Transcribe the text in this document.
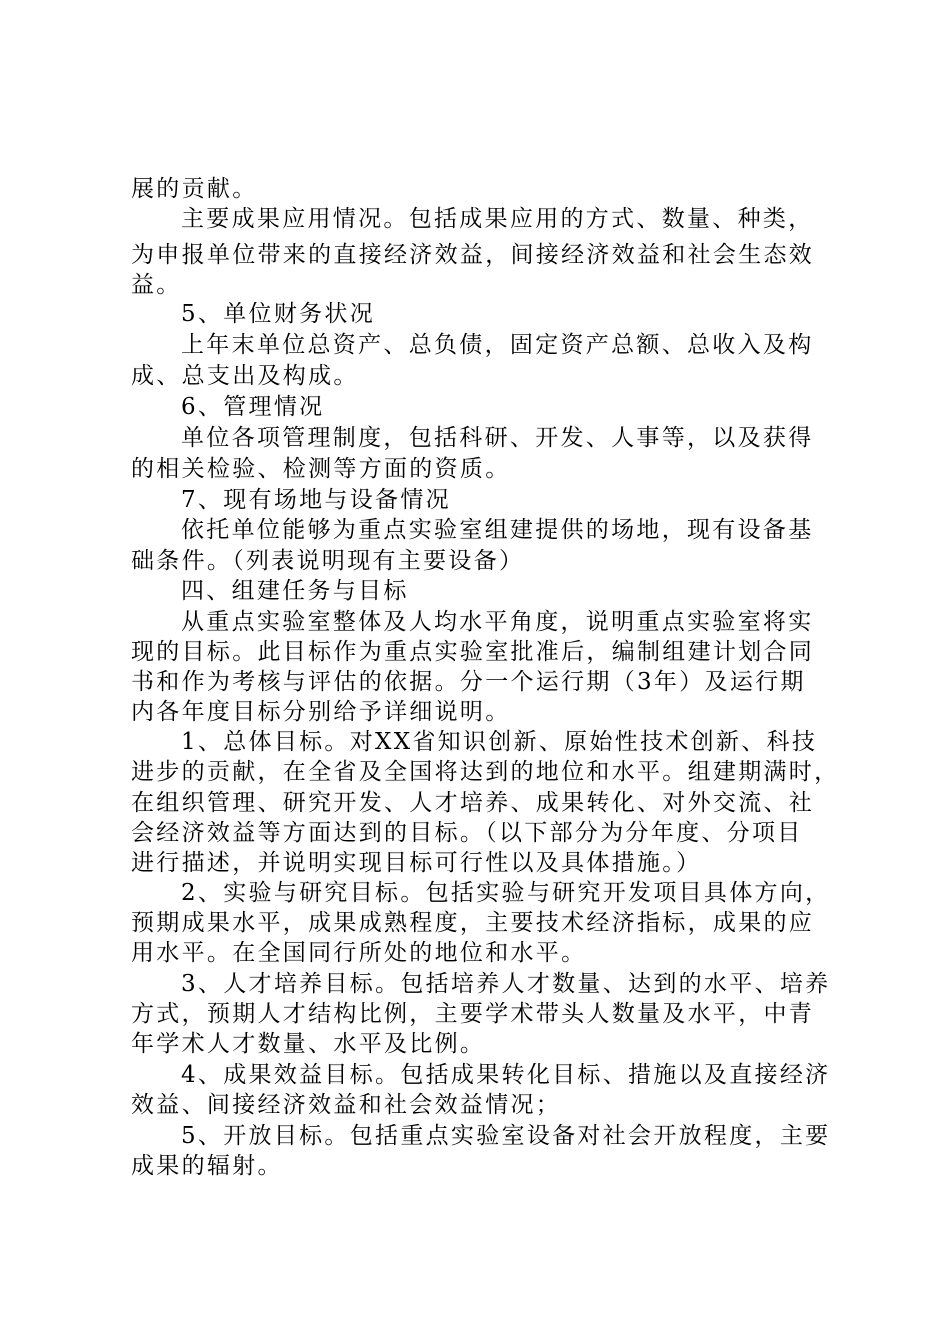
展的贡献。
主要成果应用情况。包括成果应用的方式、数量、种类，
为申报单位带来的直接经济效益，间接经济效益和社会生态效
益。
5、单位财务状况
上年末单位总资产、总负债，固定资产总额、总收入及构
成、总支出及构成。
6、管理情况
单位各项管理制度，包括科研、开发、人事等，以及获得
的相关检验、检测等方面的资质。
7、现有场地与设备情况
依托单位能够为重点实验室组建提供的场地，现有设备基
础条件。（列表说明现有主要设备）
四、组建任务与目标
从重点实验室整体及人均水平角度，说明重点实验室将实
现的目标。此目标作为重点实验室批准后，编制组建计划合同
书和作为考核与评估的依据。分一个运行期（3年）及运行期
内各年度目标分别给予详细说明。
1、总体目标。对XX省知识创新、原始性技术创新、科技
进步的贡献，在全省及全国将达到的地位和水平。组建期满时，
在组织管理、研究开发、人才培养、成果转化、对外交流、社
会经济效益等方面达到的目标。（以下部分为分年度、分项目
进行描述，并说明实现目标可行性以及具体措施。）
2、实验与研究目标。包括实验与研究开发项目具体方向，
预期成果水平，成果成熟程度，主要技术经济指标，成果的应
用水平。在全国同行所处的地位和水平。
3、人才培养目标。包括培养人才数量、达到的水平、培养
方式，预期人才结构比例，主要学术带头人数量及水平，中青
年学术人才数量、水平及比例。
4、成果效益目标。包括成果转化目标、措施以及直接经济
效益、间接经济效益和社会效益情况；
5、开放目标。包括重点实验室设备对社会开放程度，主要
成果的辐射。
